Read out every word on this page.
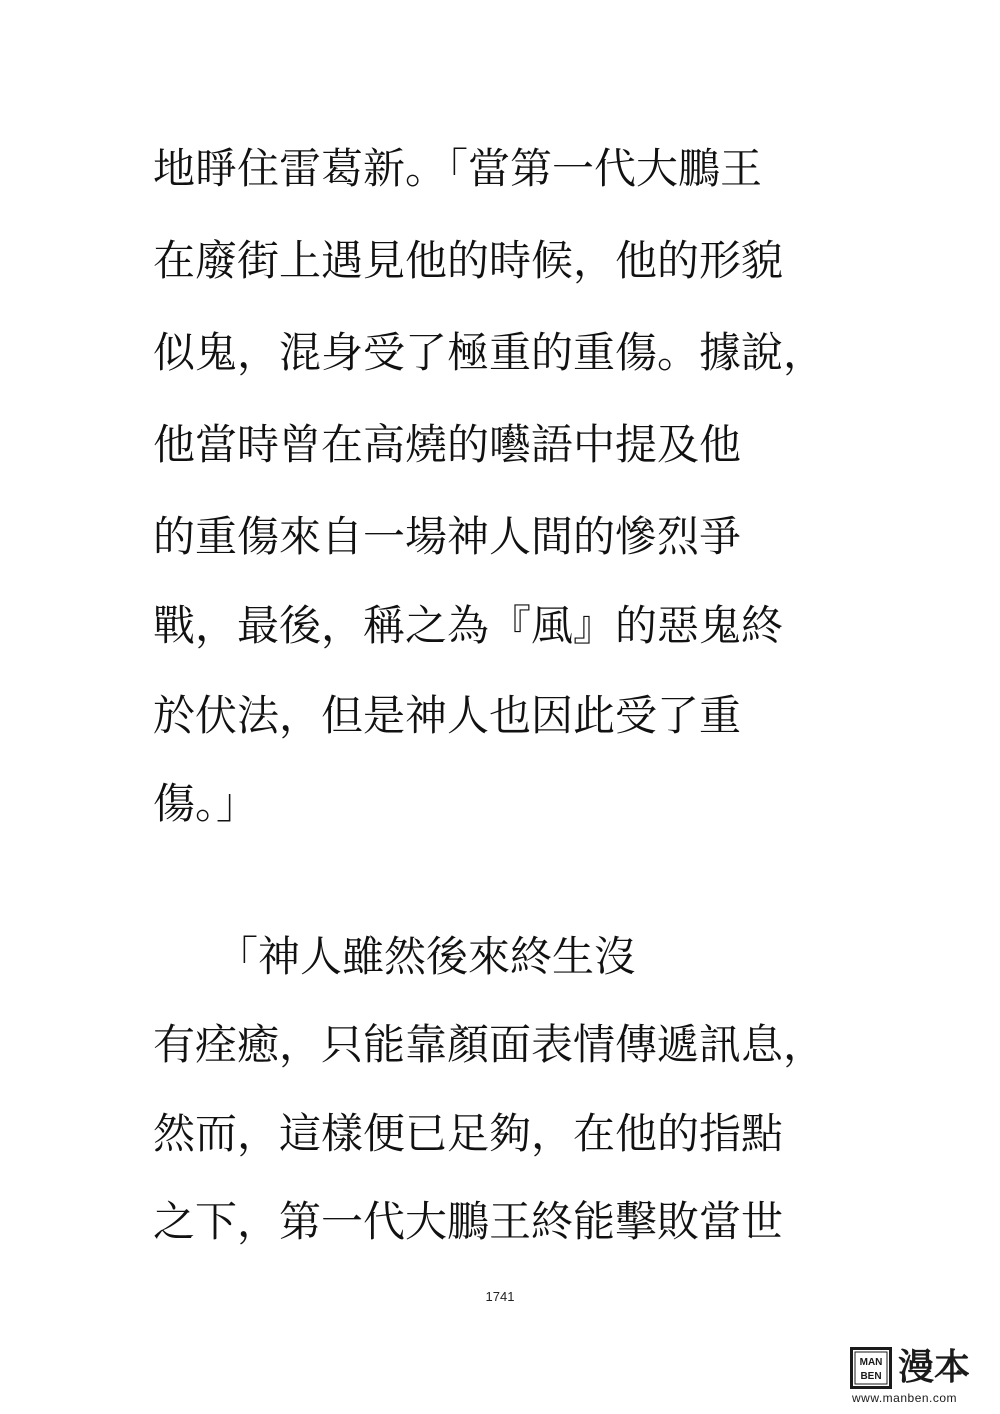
地睜住雷葛新。「當第一代大鵬王
在廢街上遇見他的時候，他的形貌
似鬼，混身受了極重的重傷。據說，
他當時曾在高燒的囈語中提及他
的重傷來自一場神人間的慘烈爭
戰，最後，稱之為『風』的惡鬼終
於伏法，但是神人也因此受了重
傷。」
　　「神人雖然後來終生沒
有痊癒，只能靠顏面表情傳遞訊息，
然而，這樣便已足夠，在他的指點
之下，第一代大鵬王終能擊敗當世
1741
MAN
BEN 漫本
www.manben.com
